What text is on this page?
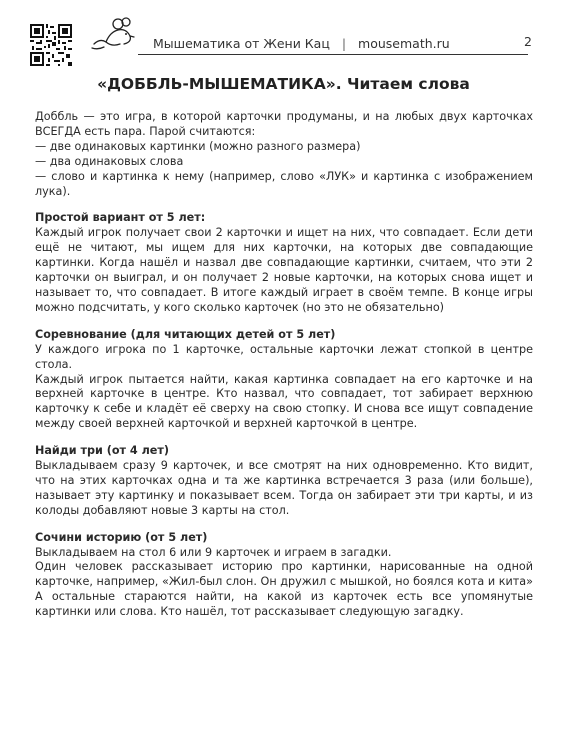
Мышематика от Жени Кац | mousemath.ru	2
«ДОББЛЬ-МЫШЕМАТИКА». Читаем слова

Доббль — это игра, в которой карточки продуманы, и на любых двух карточках ВСЕГДА есть пара. Парой считаются:

— две одинаковых картинки (можно разного размера)

— два одинаковых слова

— слово и картинка к нему (например, слово «ЛУК» и картинка с изображением лука).

Простой вариант от 5 лет:

Каждый игрок получает свои 2 карточки и ищет на них, что совпадает. Если дети ещё не читают, мы ищем для них карточки, на которых две совпадающие картинки. Когда нашёл и назвал две совпадающие картинки, считаем, что эти 2 карточки он выиграл, и он получает 2 новые карточки, на которых снова ищет и называет то, что совпадает. В итоге каждый играет в своём темпе. В конце игры можно подсчитать, у кого сколько карточек (но это не обязательно)

Соревнование (для читающих детей от 5 лет)

У каждого игрока по 1 карточке, остальные карточки лежат стопкой в центре стола.

Каждый игрок пытается найти, какая картинка совпадает на его карточке и на верхней карточке в центре. Кто назвал, что совпадает, тот забирает верхнюю карточку к себе и кладёт её сверху на свою стопку. И снова все ищут совпадение между своей верхней карточкой и верхней карточкой в центре.

Найди три (от 4 лет)

Выкладываем сразу 9 карточек, и все смотрят на них одновременно. Кто видит, что на этих карточках одна и та же картинка встречается 3 раза (или больше), называет эту картинку и показывает всем. Тогда он забирает эти три карты, и из колоды добавляют новые 3 карты на стол.

Сочини историю (от 5 лет)

Выкладываем на стол 6 или 9 карточек и играем в загадки.

Один человек рассказывает историю про картинки, нарисованные на одной карточке, например, «Жил-был слон. Он дружил с мышкой, но боялся кота и кита» А остальные стараются найти, на какой из карточек есть все упомянутые картинки или слова. Кто нашёл, тот рассказывает следующую загадку.
